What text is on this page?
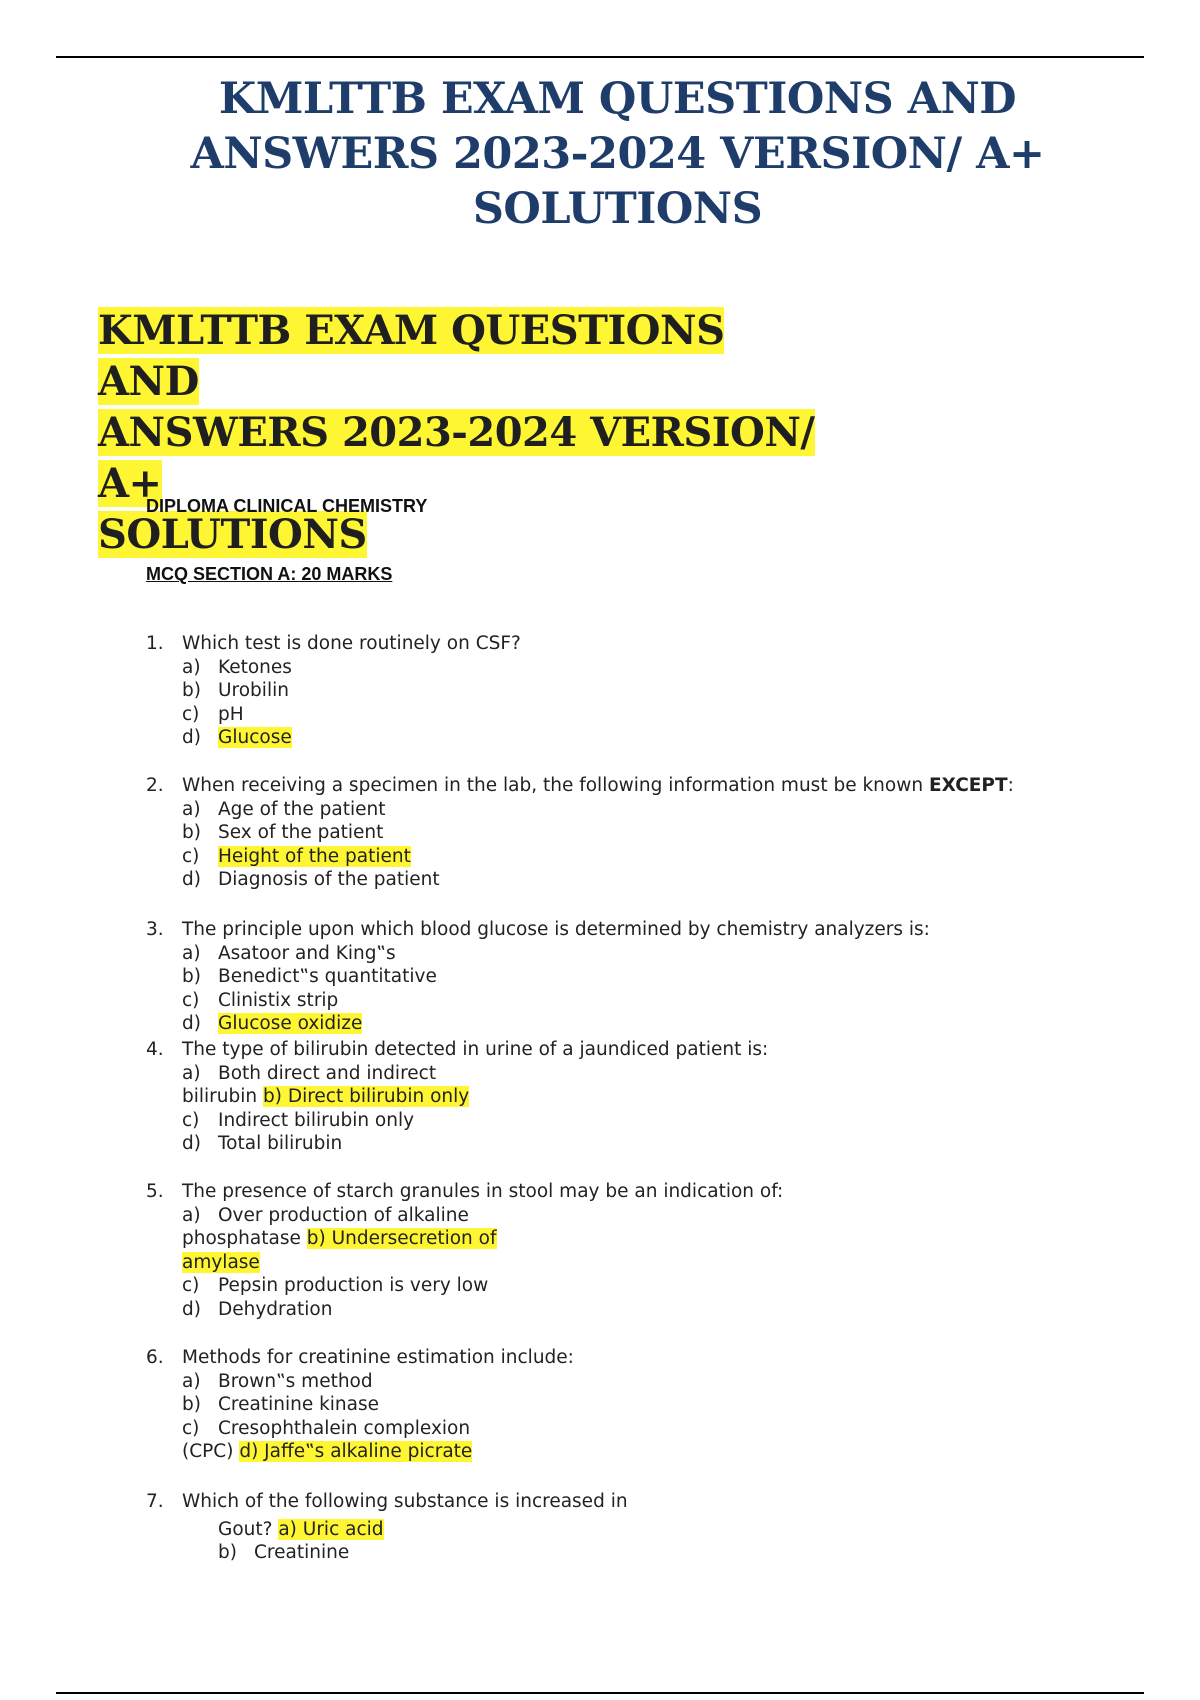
KMLTTB EXAM QUESTIONS AND
ANSWERS 2023-2024 VERSION/ A+
SOLUTIONS
KMLTTB EXAM QUESTIONS AND
ANSWERS 2023-2024 VERSION/ A+
SOLUTIONS
DIPLOMA CLINICAL CHEMISTRY
MCQ SECTION A: 20 MARKS
1. Which test is done routinely on CSF?
a) Ketones
b) Urobilin
c) pH
d) Glucose
2. When receiving a specimen in the lab, the following information must be known EXCEPT:
a) Age of the patient
b) Sex of the patient
c) Height of the patient
d) Diagnosis of the patient
3. The principle upon which blood glucose is determined by chemistry analyzers is:
a) Asatoor and King‟s
b) Benedict‟s quantitative
c) Clinistix strip
d) Glucose oxidize
4. The type of bilirubin detected in urine of a jaundiced patient is:
a) Both direct and indirect
bilirubin b) Direct bilirubin only
c) Indirect bilirubin only
d) Total bilirubin
5. The presence of starch granules in stool may be an indication of:
a) Over production of alkaline
phosphatase b) Undersecretion of
amylase
c) Pepsin production is very low
d) Dehydration
6. Methods for creatinine estimation include:
a) Brown‟s method
b) Creatinine kinase
c) Cresophthalein complexion
(CPC) d) Jaffe‟s alkaline picrate
7. Which of the following substance is increased in
Gout? a) Uric acid
b) Creatinine
